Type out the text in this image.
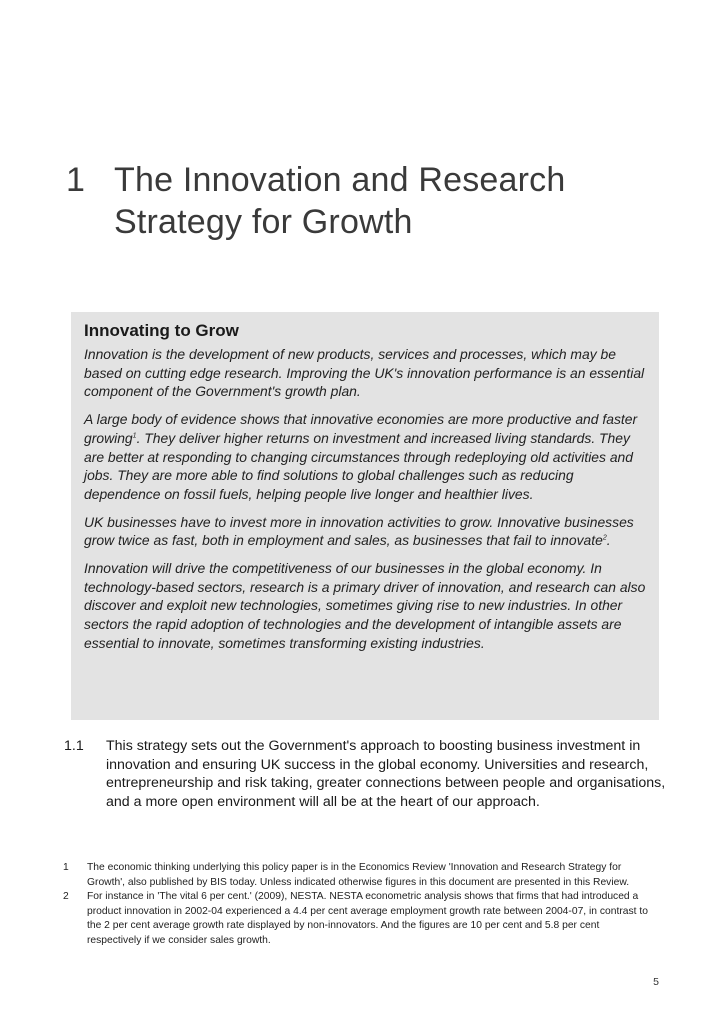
1 The Innovation and Research
Strategy for Growth
Innovating to Grow

Innovation is the development of new products, services and processes, which may be based on cutting edge research. Improving the UK's innovation performance is an essential component of the Government's growth plan.

A large body of evidence shows that innovative economies are more productive and faster growing$^1$. They deliver higher returns on investment and increased living standards. They are better at responding to changing circumstances through redeploying old activities and jobs. They are more able to find solutions to global challenges such as reducing dependence on fossil fuels, helping people live longer and healthier lives.

UK businesses have to invest more in innovation activities to grow. Innovative businesses grow twice as fast, both in employment and sales, as businesses that fail to innovate$^2$.

Innovation will drive the competitiveness of our businesses in the global economy. In technology-based sectors, research is a primary driver of innovation, and research can also discover and exploit new technologies, sometimes giving rise to new industries. In other sectors the rapid adoption of technologies and the development of intangible assets are essential to innovate, sometimes transforming existing industries.

1.1 This strategy sets out the Government's approach to boosting business investment in innovation and ensuring UK success in the global economy. Universities and research, entrepreneurship and risk taking, greater connections between people and organisations, and a more open environment will all be at the heart of our approach.

1 The economic thinking underlying this policy paper is in the Economics Review 'Innovation and Research Strategy for Growth', also published by BIS today. Unless indicated otherwise figures in this document are presented in this Review.

2 For instance in 'The vital 6 per cent.' (2009), NESTA. NESTA econometric analysis shows that firms that had introduced a product innovation in 2002-04 experienced a 4.4 per cent average employment growth rate between 2004-07, in contrast to the 2 per cent average growth rate displayed by non-innovators. And the figures are 10 per cent and 5.8 per cent respectively if we consider sales growth.

5
